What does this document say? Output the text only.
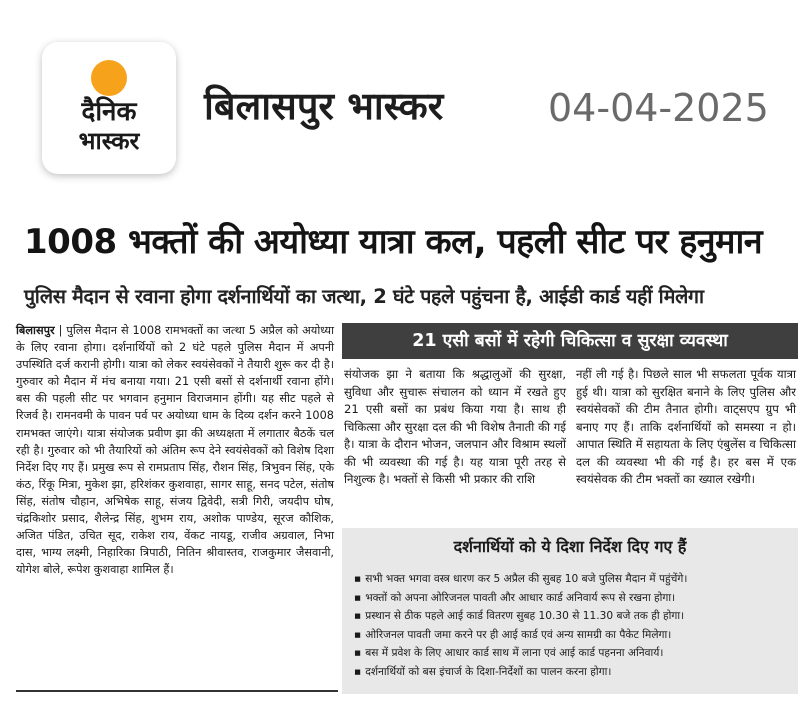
दैनिक
भास्कर
बिलासपुर भास्कर	04-04-2025
1008 भक्तों की अयोध्या यात्रा कल, पहली सीट पर हनुमान
पुलिस मैदान से रवाना होगा दर्शनार्थियों का जत्था, 2 घंटे पहले पहुंचना है, आईडी कार्ड यहीं मिलेगा
बिलासपुर | पुलिस मैदान से 1008 रामभक्तों का जत्था 5 अप्रैल को अयोध्या के लिए रवाना होगा। दर्शनार्थियों को 2 घंटे पहले पुलिस मैदान में अपनी उपस्थिति दर्ज करानी होगी। यात्रा को लेकर स्वयंसेवकों ने तैयारी शुरू कर दी है। गुरुवार को मैदान में मंच बनाया गया। 21 एसी बसों से दर्शनार्थी रवाना होंगे। बस की पहली सीट पर भगवान हनुमान विराजमान होंगी। यह सीट पहले से रिजर्व है। रामनवमी के पावन पर्व पर अयोध्या धाम के दिव्य दर्शन करने 1008 रामभक्त जाएंगे। यात्रा संयोजक प्रवीण झा की अध्यक्षता में लगातार बैठकें चल रही है। गुरुवार को भी तैयारियों को अंतिम रूप देने स्वयंसेवकों को विशेष दिशा निर्देश दिए गए हैं। प्रमुख रूप से रामप्रताप सिंह, रौशन सिंह, त्रिभुवन सिंह, एके कंठ, रिंकू मित्रा, मुकेश झा, हरिशंकर कुशवाहा, सागर साहू, सनद पटेल, संतोष सिंह, संतोष चौहान, अभिषेक साहू, संजय द्विवेदी, सत्री गिरी, जयदीप घोष, चंद्रकिशोर प्रसाद, शैलेन्द्र सिंह, शुभम राय, अशोक पाण्डेय, सूरज कौशिक, अजित पंडित, उचित सूद, राकेश राय, वेंकट नायडू, राजीव अग्रवाल, निभा दास, भाग्य लक्ष्मी, निहारिका त्रिपाठी, नितिन श्रीवास्तव, राजकुमार जैसवानी, योगेश बोले, रूपेश कुशवाहा शामिल हैं।
21 एसी बसों में रहेगी चिकित्सा व सुरक्षा व्यवस्था
संयोजक झा ने बताया कि श्रद्धालुओं की सुरक्षा, सुविधा और सुचारू संचालन को ध्यान में रखते हुए 21 एसी बसों का प्रबंध किया गया है। साथ ही चिकित्सा और सुरक्षा दल की भी विशेष तैनाती की गई है। यात्रा के दौरान भोजन, जलपान और विश्राम स्थलों की भी व्यवस्था की गई है। यह यात्रा पूरी तरह से निशुल्क है। भक्तों से किसी भी प्रकार की राशि
नहीं ली गई है। पिछले साल भी सफलता पूर्वक यात्रा हुई थी। यात्रा को सुरक्षित बनाने के लिए पुलिस और स्वयंसेवकों की टीम तैनात होगी। वाट्सएप ग्रुप भी बनाए गए हैं। ताकि दर्शनार्थियों को समस्या न हो। आपात स्थिति में सहायता के लिए एंबुलेंस व चिकित्सा दल की व्यवस्था भी की गई है। हर बस में एक स्वयंसेवक की टीम भक्तों का ख्याल रखेगी।
दर्शनार्थियों को ये दिशा निर्देश दिए गए हैं
▪ सभी भक्त भगवा वस्त्र धारण कर 5 अप्रैल की सुबह 10 बजे पुलिस मैदान में पहुंचेंगे।
▪ भक्तों को अपना ओरिजनल पावती और आधार कार्ड अनिवार्य रूप से रखना होगा।
▪ प्रस्थान से ठीक पहले आई कार्ड वितरण सुबह 10.30 से 11.30 बजे तक ही होगा।
▪ ओरिजनल पावती जमा करने पर ही आई कार्ड एवं अन्य सामग्री का पैकेट मिलेगा।
▪ बस में प्रवेश के लिए आधार कार्ड साथ में लाना एवं आई कार्ड पहनना अनिवार्य।
▪ दर्शनार्थियों को बस इंचार्ज के दिशा-निर्देशों का पालन करना होगा।
